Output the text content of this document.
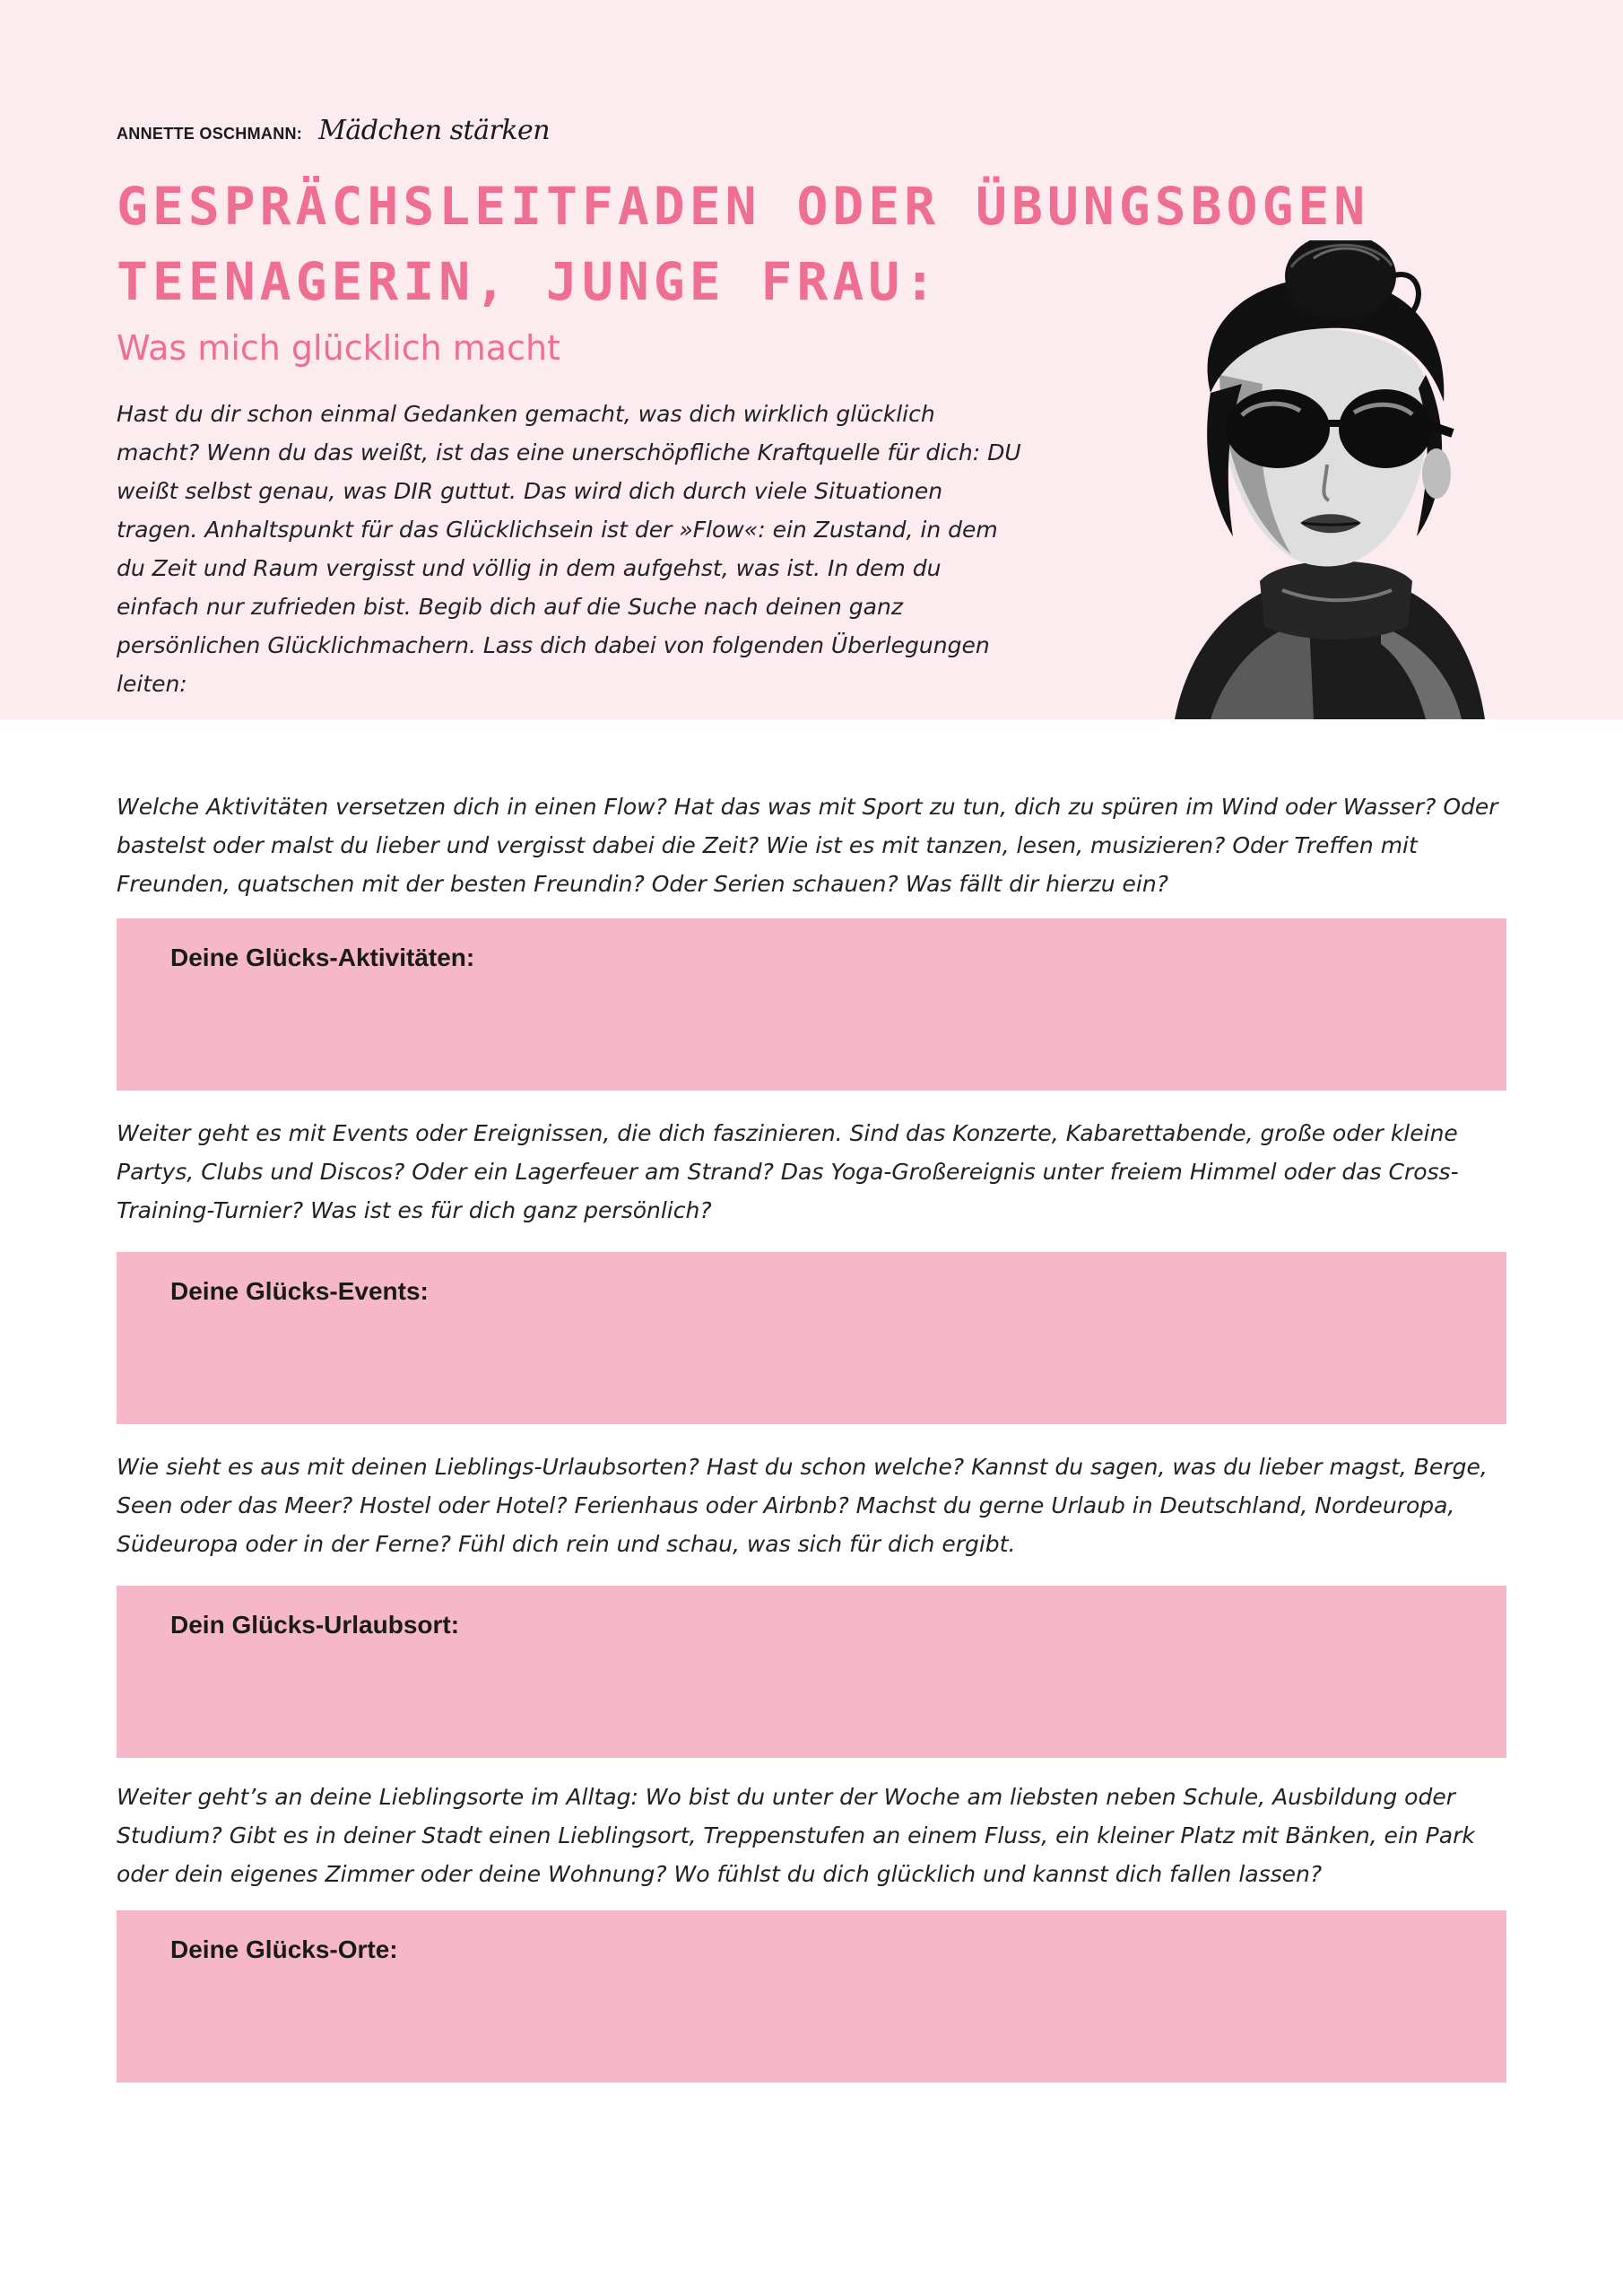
ANNETTE OSCHMANN: Mädchen stärken
GESPRÄCHSLEITFADEN ODER ÜBUNGSBOGEN
TEENAGERIN, JUNGE FRAU:
Was mich glücklich macht

Hast du dir schon einmal Gedanken gemacht, was dich wirklich glücklich macht? Wenn du das weißt, ist das eine unerschöpfliche Kraftquelle für dich: DU weißt selbst genau, was DIR guttut. Das wird dich durch viele Situationen tragen. Anhaltspunkt für das Glücklichsein ist der »Flow«: ein Zustand, in dem du Zeit und Raum vergisst und völlig in dem aufgehst, was ist. In dem du einfach nur zufrieden bist. Begib dich auf die Suche nach deinen ganz persönlichen Glücklichmachern. Lass dich dabei von folgenden Überlegungen leiten:

Welche Aktivitäten versetzen dich in einen Flow? Hat das was mit Sport zu tun, dich zu spüren im Wind oder Wasser? Oder bastelst oder malst du lieber und vergisst dabei die Zeit? Wie ist es mit tanzen, lesen, musizieren? Oder Treffen mit Freunden, quatschen mit der besten Freundin? Oder Serien schauen? Was fällt dir hierzu ein?

Deine Glücks-Aktivitäten:

Weiter geht es mit Events oder Ereignissen, die dich faszinieren. Sind das Konzerte, Kabarettabende, große oder kleine Partys, Clubs und Discos? Oder ein Lagerfeuer am Strand? Das Yoga-Großereignis unter freiem Himmel oder das Cross-Training-Turnier? Was ist es für dich ganz persönlich?

Deine Glücks-Events:

Wie sieht es aus mit deinen Lieblings-Urlaubsorten? Hast du schon welche? Kannst du sagen, was du lieber magst, Berge, Seen oder das Meer? Hostel oder Hotel? Ferienhaus oder Airbnb? Machst du gerne Urlaub in Deutschland, Nordeuropa, Südeuropa oder in der Ferne? Fühl dich rein und schau, was sich für dich ergibt.

Dein Glücks-Urlaubsort:

Weiter geht’s an deine Lieblingsorte im Alltag: Wo bist du unter der Woche am liebsten neben Schule, Ausbildung oder Studium? Gibt es in deiner Stadt einen Lieblingsort, Treppenstufen an einem Fluss, ein kleiner Platz mit Bänken, ein Park oder dein eigenes Zimmer oder deine Wohnung? Wo fühlst du dich glücklich und kannst dich fallen lassen?

Deine Glücks-Orte:
